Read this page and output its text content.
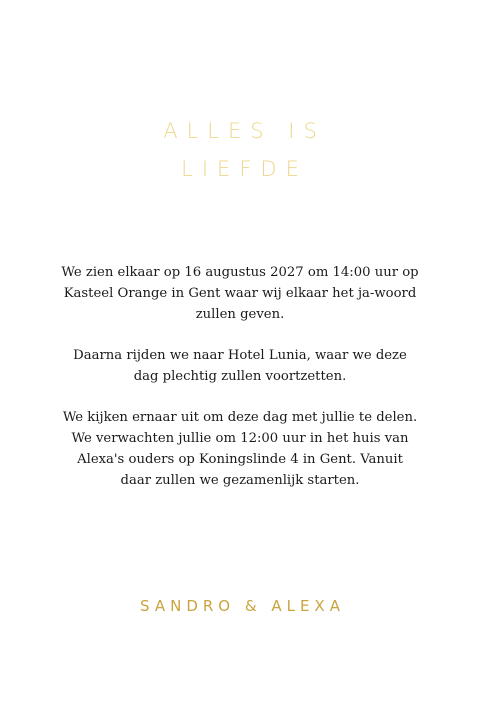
ALLES IS
LIEFDE

We zien elkaar op 16 augustus 2027 om 14:00 uur op Kasteel Orange in Gent waar wij elkaar het ja-woord zullen geven.

Daarna rijden we naar Hotel Lunia, waar we deze dag plechtig zullen voortzetten.

We kijken ernaar uit om deze dag met jullie te delen. We verwachten jullie om 12:00 uur in het huis van Alexa's ouders op Koningslinde 4 in Gent. Vanuit daar zullen we gezamenlijk starten.

SANDRO & ALEXA
